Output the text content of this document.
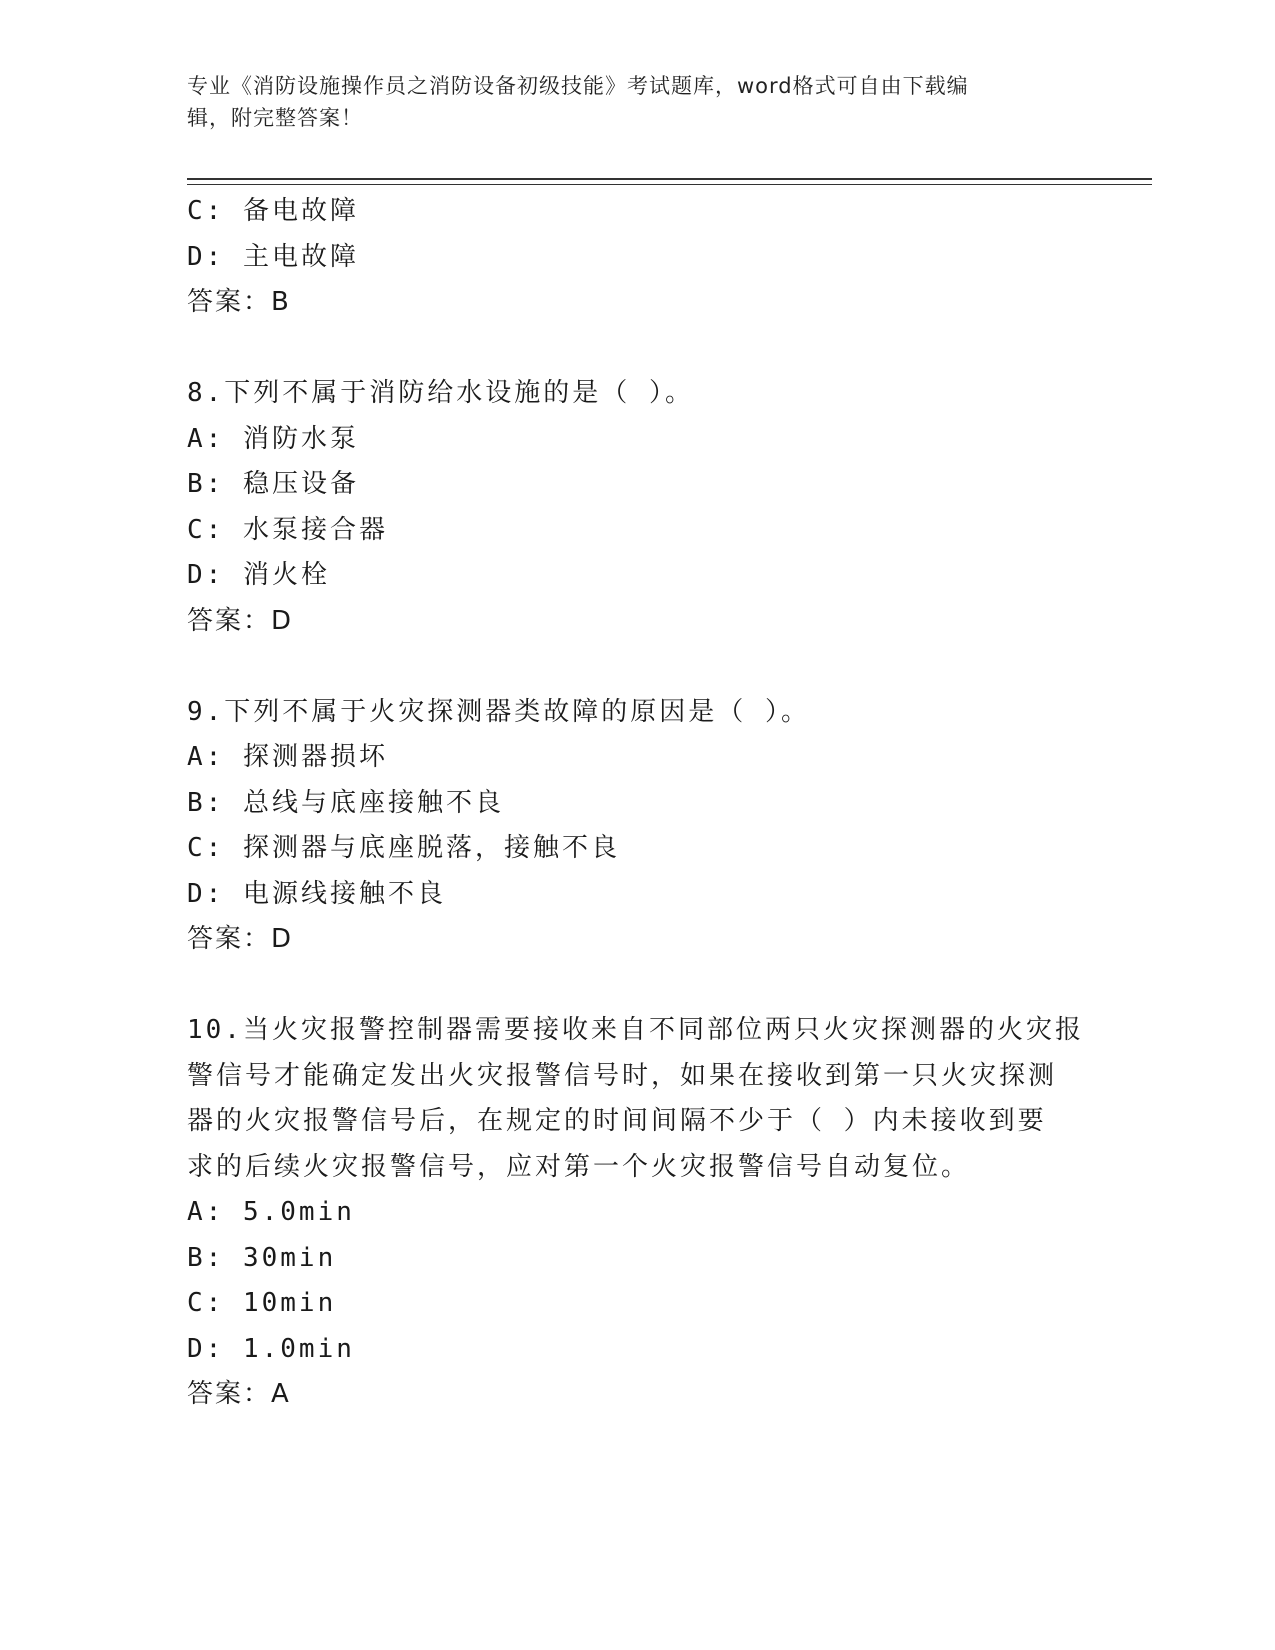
专业《消防设施操作员之消防设备初级技能》考试题库，word格式可自由下载编
辑，附完整答案！
C: 备电故障
D: 主电故障
答案：B
8.下列不属于消防给水设施的是（ ）。
A: 消防水泵
B: 稳压设备
C: 水泵接合器
D: 消火栓
答案：D
9.下列不属于火灾探测器类故障的原因是（ ）。
A: 探测器损坏
B: 总线与底座接触不良
C: 探测器与底座脱落，接触不良
D: 电源线接触不良
答案：D
10.当火灾报警控制器需要接收来自不同部位两只火灾探测器的火灾报
警信号才能确定发出火灾报警信号时，如果在接收到第一只火灾探测
器的火灾报警信号后，在规定的时间间隔不少于（ ）内未接收到要
求的后续火灾报警信号，应对第一个火灾报警信号自动复位。
A: 5.0min
B: 30min
C: 10min
D: 1.0min
答案：A
